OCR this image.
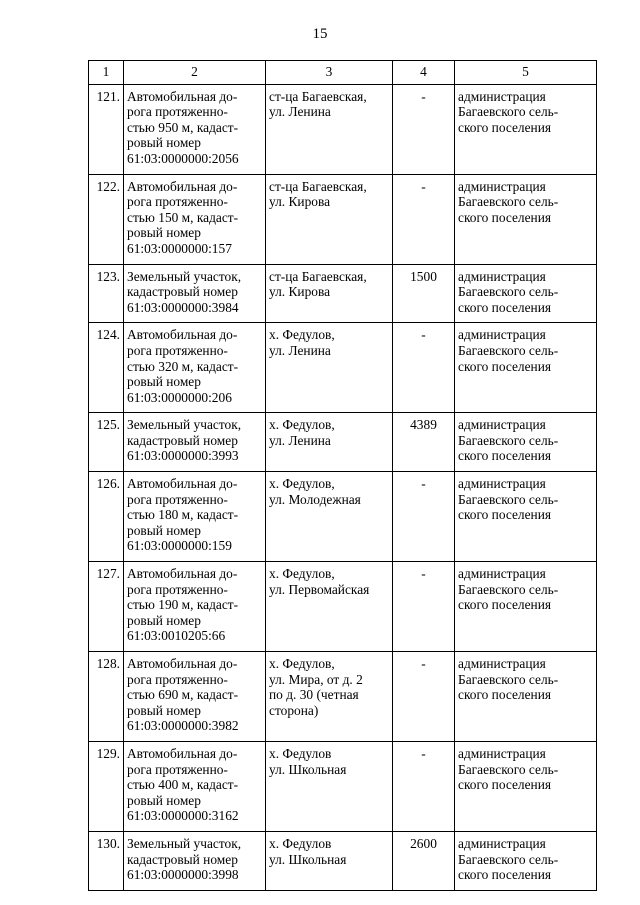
15
1	2	3	4	5
121.	Автомобильная до-
рога протяженно-
стью 950 м, кадаст-
ровый номер
61:03:0000000:2056	ст-ца Багаевская,
ул. Ленина	-	администрация
Багаевского сель-
ского поселения

122.	Автомобильная до-
рога протяженно-
стью 150 м, кадаст-
ровый номер
61:03:0000000:157	ст-ца Багаевская,
ул. Кирова	-	администрация
Багаевского сель-
ского поселения

123.	Земельный участок,
кадастровый номер
61:03:0000000:3984	ст-ца Багаевская,
ул. Кирова	1500	администрация
Багаевского сель-
ского поселения

124.	Автомобильная до-
рога протяженно-
стью 320 м, кадаст-
ровый номер
61:03:0000000:206	х. Федулов,
ул. Ленина	-	администрация
Багаевского сель-
ского поселения

125.	Земельный участок,
кадастровый номер
61:03:0000000:3993	х. Федулов,
ул. Ленина	4389	администрация
Багаевского сель-
ского поселения

126.	Автомобильная до-
рога протяженно-
стью 180 м, кадаст-
ровый номер
61:03:0000000:159	х. Федулов,
ул. Молодежная	-	администрация
Багаевского сель-
ского поселения

127.	Автомобильная до-
рога протяженно-
стью 190 м, кадаст-
ровый номер
61:03:0010205:66	х. Федулов,
ул. Первомайская	-	администрация
Багаевского сель-
ского поселения

128.	Автомобильная до-
рога протяженно-
стью 690 м, кадаст-
ровый номер
61:03:0000000:3982	х. Федулов,
ул. Мира, от д. 2
по д. 30 (четная
сторона)	-	администрация
Багаевского сель-
ского поселения

129.	Автомобильная до-
рога протяженно-
стью 400 м, кадаст-
ровый номер
61:03:0000000:3162	х. Федулов
ул. Школьная	-	администрация
Багаевского сель-
ского поселения

130.	Земельный участок,
кадастровый номер
61:03:0000000:3998	х. Федулов
ул. Школьная	2600	администрация
Багаевского сель-
ского поселения
